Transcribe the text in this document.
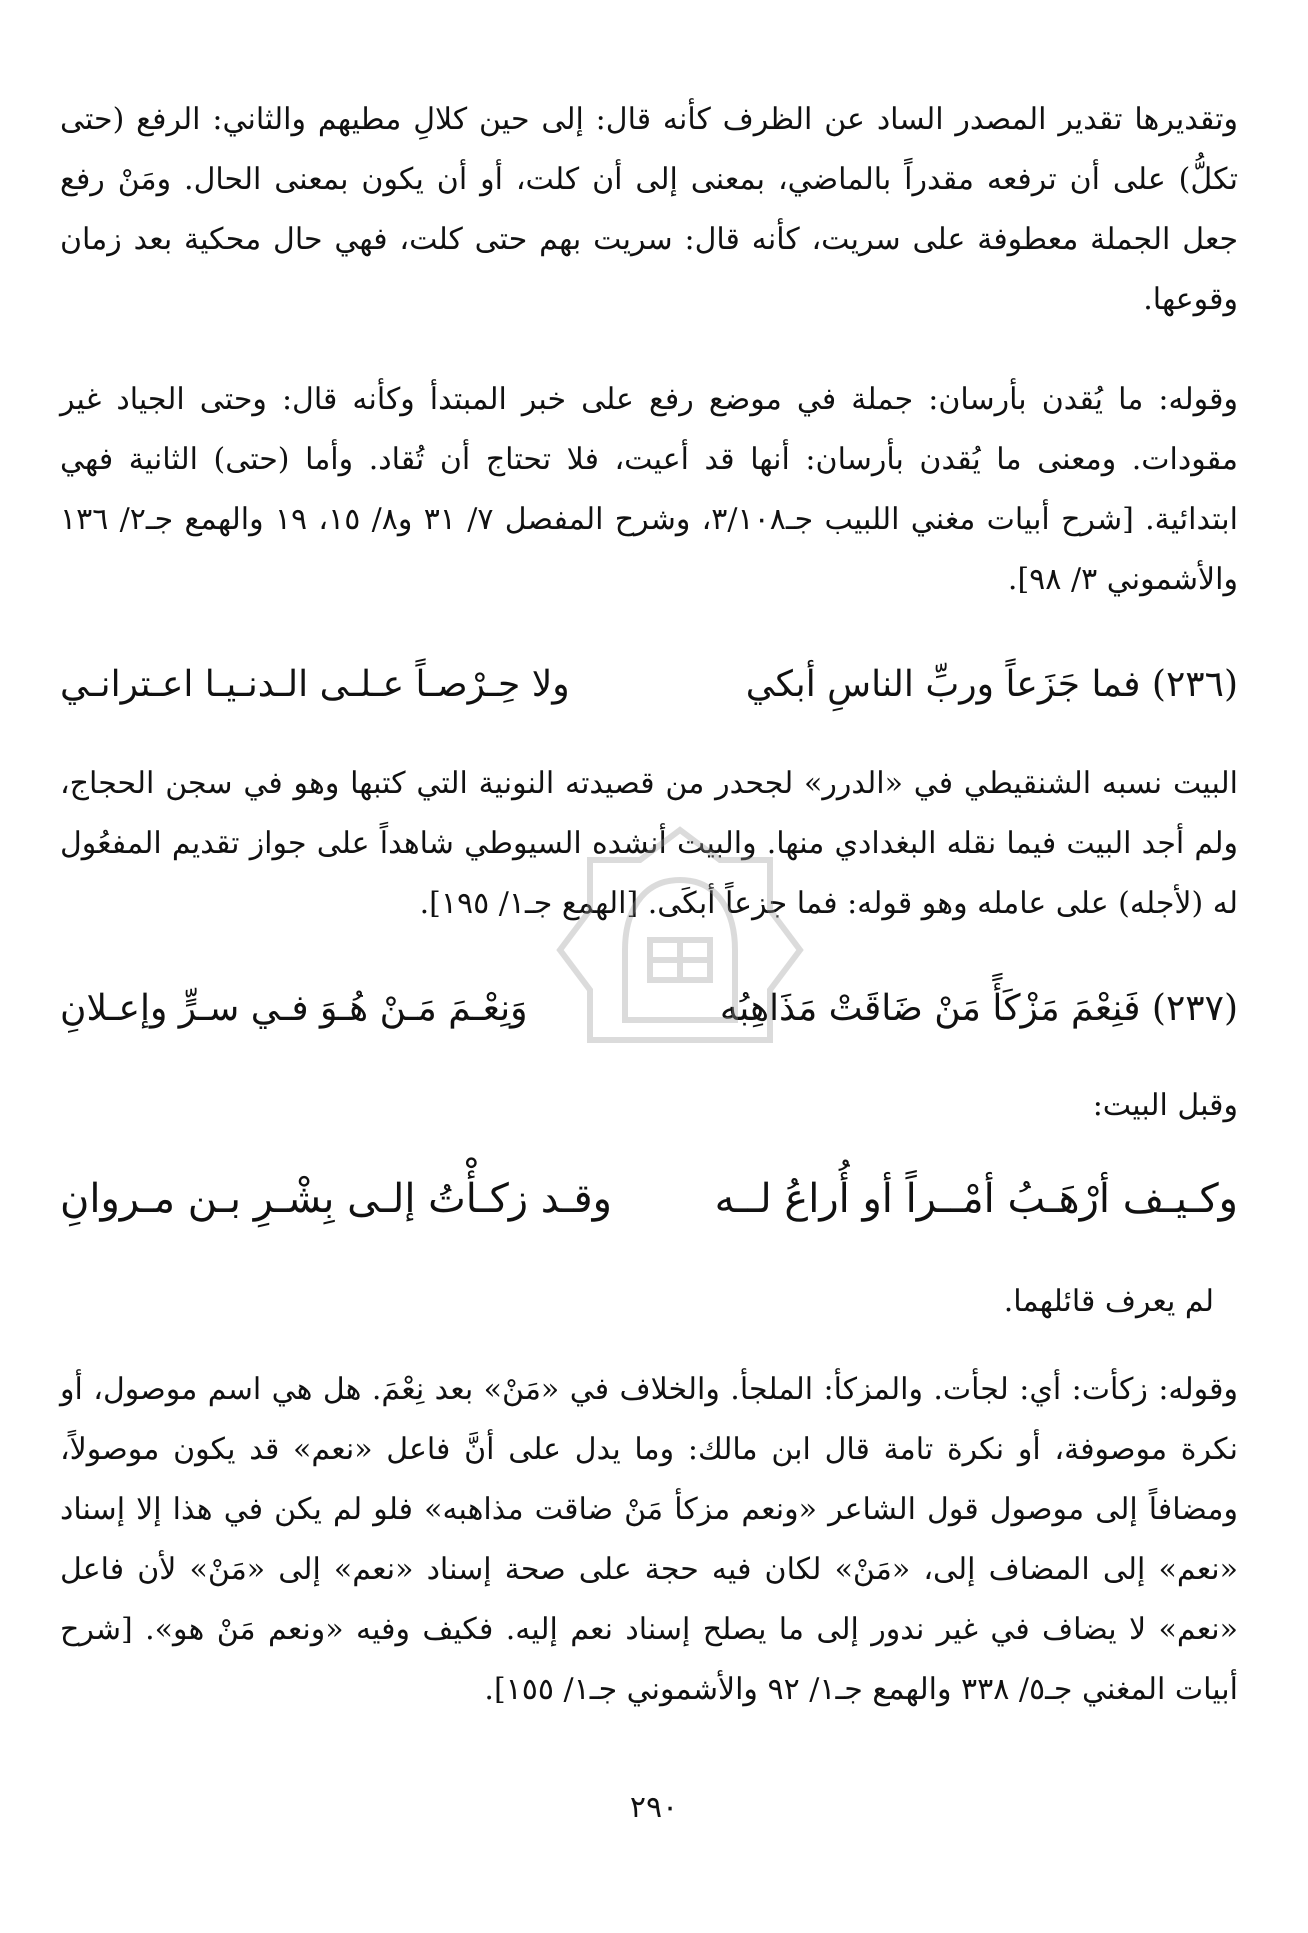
وتقديرها تقدير المصدر الساد عن الظرف كأنه قال: إلى حين كلالِ مطيهم والثاني: الرفع (حتى تكلُّ) على أن ترفعه مقدراً بالماضي، بمعنى إلى أن كلت، أو أن يكون بمعنى الحال. ومَنْ رفع جعل الجملة معطوفة على سريت، كأنه قال: سريت بهم حتى كلت، فهي حال محكية بعد زمان وقوعها.

وقوله: ما يُقدن بأرسان: جملة في موضع رفع على خبر المبتدأ وكأنه قال: وحتى الجياد غير مقودات. ومعنى ما يُقدن بأرسان: أنها قد أعيت، فلا تحتاج أن تُقاد. وأما (حتى) الثانية فهي ابتدائية. [شرح أبيات مغني اللبيب جـ٣/١٠٨، وشرح المفصل ٧/ ٣١ و٨/ ١٥، ١٩ والهمع جـ٢/ ١٣٦ والأشموني ٣/ ٩٨].

(٢٣٦) فما جَزَعاً وربِّ الناسِ أبكي
ولا حِـرْصـاً عـلـى الـدنـيـا اعـترانـي

البيت نسبه الشنقيطي في «الدرر» لجحدر من قصيدته النونية التي كتبها وهو في سجن الحجاج، ولم أجد البيت فيما نقله البغدادي منها. والبيت أنشده السيوطي شاهداً على جواز تقديم المفعُول له (لأجله) على عامله وهو قوله: فما جزعاً أبكَى. [الهمع جـ١/ ١٩٥].

(٢٣٧) فَنِعْمَ مَزْكَأً مَنْ ضَاقَتْ مَذَاهِبُه
وَنِعْـمَ مَـنْ هُـوَ فـي سـرٍّ وإعـلانِ
وقبل البيت:
وكـيـف أرْهَـبُ أمْــراً أو أُراعُ لــه
وقـد زكـأْتُ إلـى بِشْـرِ بـن مـروانِ
لم يعرف قائلهما.

وقوله: زكأت: أي: لجأت. والمزكأ: الملجأ. والخلاف في «مَنْ» بعد نِعْمَ. هل هي اسم موصول، أو نكرة موصوفة، أو نكرة تامة قال ابن مالك: وما يدل على أنَّ فاعل «نعم» قد يكون موصولاً، ومضافاً إلى موصول قول الشاعر «ونعم مزكأ مَنْ ضاقت مذاهبه» فلو لم يكن في هذا إلا إسناد «نعم» إلى المضاف إلى، «مَنْ» لكان فيه حجة على صحة إسناد «نعم» إلى «مَنْ» لأن فاعل «نعم» لا يضاف في غير ندور إلى ما يصلح إسناد نعم إليه. فكيف وفيه «ونعم مَنْ هو». [شرح أبيات المغني جـ٥/ ٣٣٨ والهمع جـ١/ ٩٢ والأشموني جـ١/ ١٥٥].

٢٩٠
